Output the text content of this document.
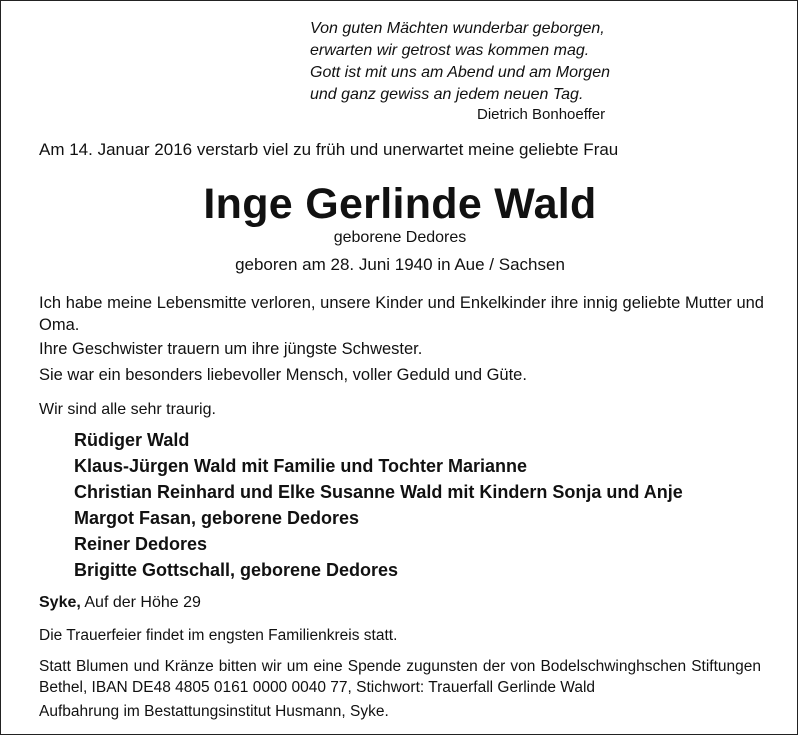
Von guten Mächten wunderbar geborgen,
erwarten wir getrost was kommen mag.
Gott ist mit uns am Abend und am Morgen
und ganz gewiss an jedem neuen Tag.
Dietrich Bonhoeffer
Am 14. Januar 2016 verstarb viel zu früh und unerwartet meine geliebte Frau
Inge Gerlinde Wald
geborene Dedores
geboren am 28. Juni 1940 in Aue / Sachsen
Ich habe meine Lebensmitte verloren, unsere Kinder und Enkelkinder ihre innig geliebte Mutter und Oma.
Ihre Geschwister trauern um ihre jüngste Schwester.
Sie war ein besonders liebevoller Mensch, voller Geduld und Güte.
Wir sind alle sehr traurig.
Rüdiger Wald
Klaus-Jürgen Wald mit Familie und Tochter Marianne
Christian Reinhard und Elke Susanne Wald mit Kindern Sonja und Anje
Margot Fasan, geborene Dedores
Reiner Dedores
Brigitte Gottschall, geborene Dedores
Syke, Auf der Höhe 29
Die Trauerfeier findet im engsten Familienkreis statt.
Statt Blumen und Kränze bitten wir um eine Spende zugunsten der von Bodelschwinghschen Stiftungen Bethel, IBAN DE48 4805 0161 0000 0040 77, Stichwort: Trauerfall Gerlinde Wald
Aufbahrung im Bestattungsinstitut Husmann, Syke.
